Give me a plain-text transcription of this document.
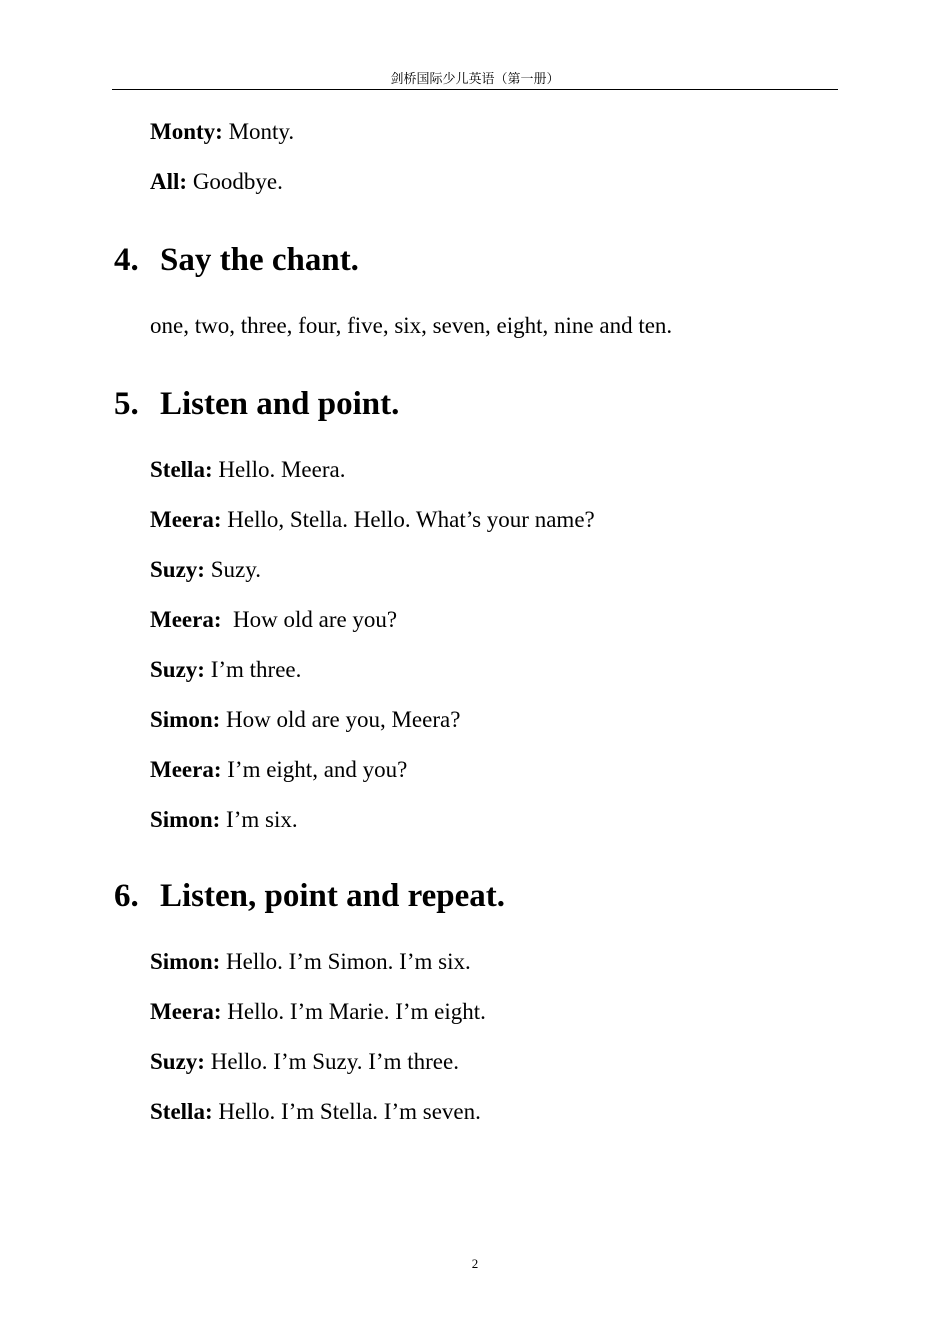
剑桥国际少儿英语（第一册）
Monty: Monty.
All: Goodbye.
4. Say the chant.
one, two, three, four, five, six, seven, eight, nine and ten.
5. Listen and point.
Stella: Hello. Meera.
Meera: Hello, Stella. Hello. What’s your name?
Suzy: Suzy.
Meera:  How old are you?
Suzy: I’m three.
Simon: How old are you, Meera?
Meera: I’m eight, and you?
Simon: I’m six.
6. Listen, point and repeat.
Simon: Hello. I’m Simon. I’m six.
Meera: Hello. I’m Marie. I’m eight.
Suzy: Hello. I’m Suzy. I’m three.
Stella: Hello. I’m Stella. I’m seven.
2
